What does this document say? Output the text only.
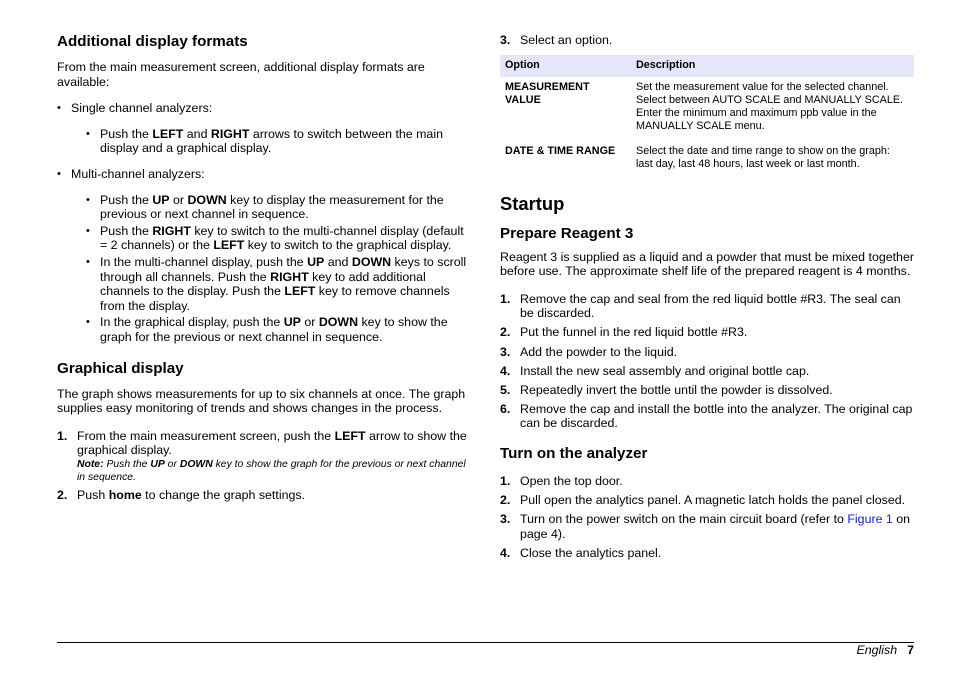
Additional display formats

From the main measurement screen, additional display formats are available:

• Single channel analyzers:
• Push the LEFT and RIGHT arrows to switch between the main display and a graphical display.
• Multi-channel analyzers:
• Push the UP or DOWN key to display the measurement for the previous or next channel in sequence.
• Push the RIGHT key to switch to the multi-channel display (default = 2 channels) or the LEFT key to switch to the graphical display.
• In the multi-channel display, push the UP and DOWN keys to scroll through all channels. Push the RIGHT key to add additional channels to the display. Push the LEFT key to remove channels from the display.
• In the graphical display, push the UP or DOWN key to show the graph for the previous or next channel in sequence.
Graphical display

The graph shows measurements for up to six channels at once. The graph supplies easy monitoring of trends and shows changes in the process.

1. From the main measurement screen, push the LEFT arrow to show the graphical display.
Note: Push the UP or DOWN key to show the graph for the previous or next channel in sequence.
2. Push home to change the graph settings.
3. Select an option.
Option	Description
MEASUREMENT VALUE	Set the measurement value for the selected channel. Select between AUTO SCALE and MANUALLY SCALE. Enter the minimum and maximum ppb value in the MANUALLY SCALE menu.
DATE & TIME RANGE	Select the date and time range to show on the graph: last day, last 48 hours, last week or last month.
Startup
Prepare Reagent 3

Reagent 3 is supplied as a liquid and a powder that must be mixed together before use. The approximate shelf life of the prepared reagent is 4 months.

1. Remove the cap and seal from the red liquid bottle #R3. The seal can be discarded.
2. Put the funnel in the red liquid bottle #R3.
3. Add the powder to the liquid.
4. Install the new seal assembly and original bottle cap.
5. Repeatedly invert the bottle until the powder is dissolved.
6. Remove the cap and install the bottle into the analyzer. The original cap can be discarded.
Turn on the analyzer
1. Open the top door.
2. Pull open the analytics panel. A magnetic latch holds the panel closed.
3. Turn on the power switch on the main circuit board (refer to Figure 1 on page 4).
4. Close the analytics panel.
English 7
